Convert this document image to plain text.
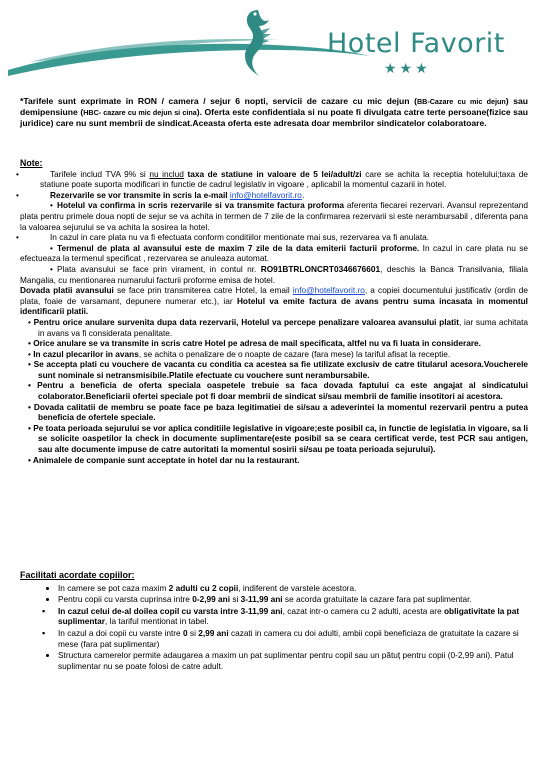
Hotel Favorit
★★★
*Tarifele sunt exprimate in RON / camera / sejur 6 nopti, servicii de cazare cu mic dejun (BB-Cazare cu mic dejun) sau demipensiune (HBC- cazare cu mic dejun si cina). Oferta este confidentiala si nu poate fi divulgata catre terte persoane(fizice sau juridice) care nu sunt membrii de sindicat.Aceasta oferta este adresata doar membrilor sindicatelor colaboratoare.
Note:

•	Tarifele includ TVA 9% si nu includ taxa de statiune in valoare de 5 lei/adult/zi care se achita la receptia hotelului;taxa de statiune poate suporta modificari in functie de cadrul legislativ in vigoare , aplicabil la momentul cazarii in hotel.

•	Rezervarile se vor transmite in scris la e-mail info@hotelfavorit.ro.

• Hotelul va confirma in scris rezervarile si va transmite factura proforma aferenta fiecarei rezervari. Avansul reprezentand plata pentru primele doua nopti de sejur se va achita in termen de 7 zile de la confirmarea rezervarii si este nerambursabil , diferenta pana la valoarea sejurului se va achita la sosirea la hotel.

•	In cazul in care plata nu va fi efectuata conform conditiilor mentionate mai sus, rezervarea va fi anulata.

• Termenul de plata al avansului este de maxim 7 zile de la data emiterii facturii proforme. In cazul in care plata nu se efectueaza la termenul specificat , rezervarea se anuleaza automat.

• Plata avansului se face prin virament, in contul nr. RO91BTRLONCRT0346676601, deschis la Banca Transilvania, filiala Mangalia, cu mentionarea numarului facturii proforme emisa de hotel.

Dovada platii avansului se face prin transmiterea catre Hotel, la email info@hotelfavorit.ro, a copiei documentului justificativ (ordin de plata, foaie de varsamant, depunere numerar etc.), iar Hotelul va emite factura de avans pentru suma incasata in momentul identificarii platii.

• Pentru orice anulare survenita dupa data rezervarii, Hotelul va percepe penalizare valoarea avansului platit, iar suma achitata in avans va fi considerata penalitate.

• Orice anulare se va transmite in scris catre Hotel pe adresa de mail specificata, altfel nu va fi luata in considerare.

• In cazul plecarilor in avans, se achita o penalizare de o noapte de cazare (fara mese) la tariful afisat la receptie.

• Se accepta plati cu vouchere de vacanta cu conditia ca acestea sa fie utilizate exclusiv de catre titularul acesora.Voucherele sunt nominale si netransmisibile.Platile efectuate cu vouchere sunt nerambursabile.

• Pentru a beneficia de oferta speciala oaspetele trebuie sa faca dovada faptului ca este angajat al sindicatului colaborator.Beneficiarii ofertei speciale pot fi doar membrii de sindicat si/sau membrii de familie insotitori ai acestora.

• Dovada calitatii de membru se poate face pe baza legitimatiei de si/sau a adeverintei la momentul rezervarii pentru a putea beneficia de ofertele speciale.

• Pe toata perioada sejurului se vor aplica conditiile legislative in vigoare;este posibil ca, in functie de legislatia in vigoare, sa li se solicite oaspetilor la check in documente suplimentare(este posibil sa se ceara certificat verde, test PCR sau antigen, sau alte documente impuse de catre autoritati la momentul sosirii si/sau pe toata perioada sejurului).

• Animalele de companie sunt acceptate in hotel dar nu la restaurant.

Facilitati acordate copiilor:
• In camere se pot caza maxim 2 adulti cu 2 copii, indiferent de varstele acestora.
• Pentru copii cu varsta cuprinsa intre 0-2,99 ani si 3-11,99 ani se acorda gratuitate la cazare fara pat suplimentar.
▪ In cazul celui de-al doilea copil cu varsta intre 3-11,99 ani, cazat intr-o camera cu 2 adulti, acesta are obligativitate la pat suplimentar, la tariful mentionat in tabel.
▪ In cazul a doi copii cu varste intre 0 si 2,99 ani cazati in camera cu doi adulti, ambii copii beneficiaza de gratuitate la cazare si mese (fara pat suplimentar)
• Structura camerelor permite adaugarea a maxim un pat suplimentar pentru copil sau un pătuț pentru copii (0-2,99 ani). Patul suplimentar nu se poate folosi de catre adult.
